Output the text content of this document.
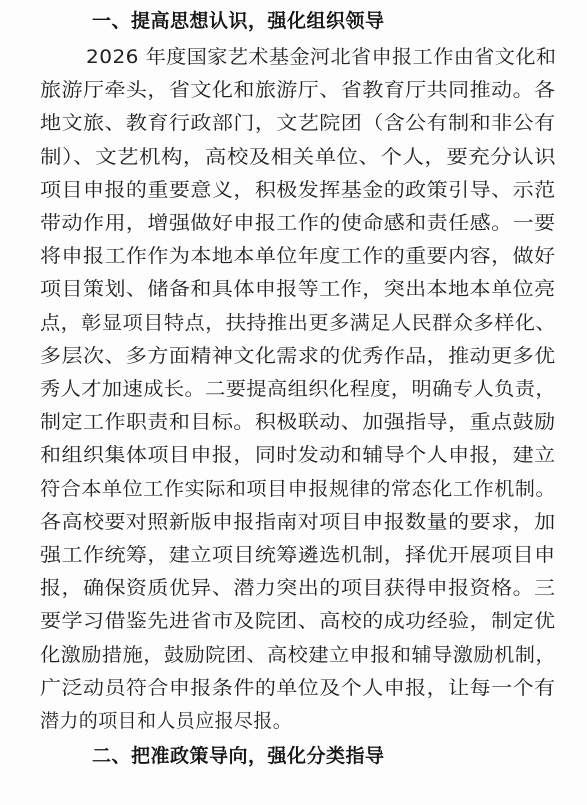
一、提高思想认识，强化组织领导
2026 年度国家艺术基金河北省申报工作由省文化和
旅游厅牵头，省文化和旅游厅、省教育厅共同推动。各
地文旅、教育行政部门，文艺院团（含公有制和非公有
制）、文艺机构，高校及相关单位、个人，要充分认识
项目申报的重要意义，积极发挥基金的政策引导、示范
带动作用，增强做好申报工作的使命感和责任感。一要
将申报工作作为本地本单位年度工作的重要内容，做好
项目策划、储备和具体申报等工作，突出本地本单位亮
点，彰显项目特点，扶持推出更多满足人民群众多样化、
多层次、多方面精神文化需求的优秀作品，推动更多优
秀人才加速成长。二要提高组织化程度，明确专人负责，
制定工作职责和目标。积极联动、加强指导，重点鼓励
和组织集体项目申报，同时发动和辅导个人申报，建立
符合本单位工作实际和项目申报规律的常态化工作机制。
各高校要对照新版申报指南对项目申报数量的要求，加
强工作统筹，建立项目统筹遴选机制，择优开展项目申
报，确保资质优异、潜力突出的项目获得申报资格。三
要学习借鉴先进省市及院团、高校的成功经验，制定优
化激励措施，鼓励院团、高校建立申报和辅导激励机制，
广泛动员符合申报条件的单位及个人申报，让每一个有
潜力的项目和人员应报尽报。
二、把准政策导向，强化分类指导
